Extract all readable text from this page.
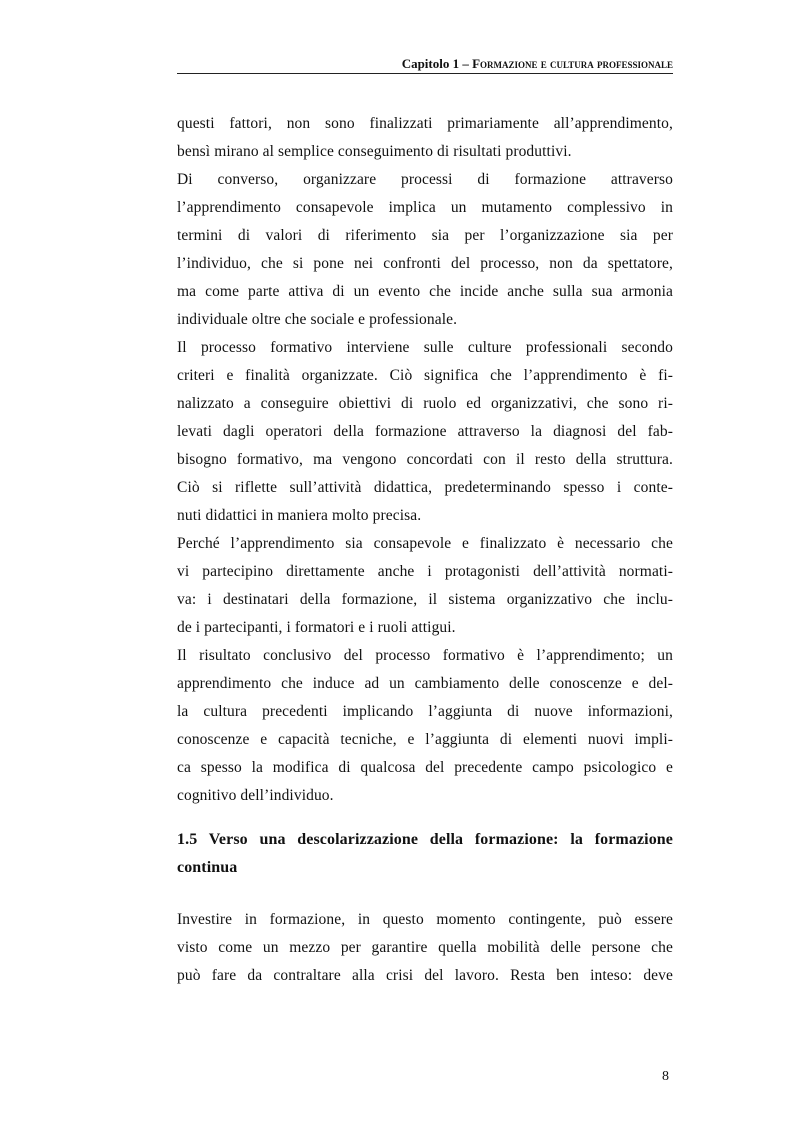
Capitolo 1 – Formazione e cultura professionale
questi fattori, non sono finalizzati primariamente all’apprendimento,
bensì mirano al semplice conseguimento di risultati produttivi.
Di converso, organizzare processi di formazione attraverso
l’apprendimento consapevole implica un mutamento complessivo in
termini di valori di riferimento sia per l’organizzazione sia per
l’individuo, che si pone nei confronti del processo, non da spettatore,
ma come parte attiva di un evento che incide anche sulla sua armonia
individuale oltre che sociale e professionale.
Il processo formativo interviene sulle culture professionali secondo
criteri e finalità organizzate. Ciò significa che l’apprendimento è fi-
nalizzato a conseguire obiettivi di ruolo ed organizzativi, che sono ri-
levati dagli operatori della formazione attraverso la diagnosi del fab-
bisogno formativo, ma vengono concordati con il resto della struttura.
Ciò si riflette sull’attività didattica, predeterminando spesso i conte-
nuti didattici in maniera molto precisa.
Perché l’apprendimento sia consapevole e finalizzato è necessario che
vi partecipino direttamente anche i protagonisti dell’attività normati-
va: i destinatari della formazione, il sistema organizzativo che inclu-
de i partecipanti, i formatori e i ruoli attigui.
Il risultato conclusivo del processo formativo è l’apprendimento; un
apprendimento che induce ad un cambiamento delle conoscenze e del-
la cultura precedenti implicando l’aggiunta di nuove informazioni,
conoscenze e capacità tecniche, e l’aggiunta di elementi nuovi impli-
ca spesso la modifica di qualcosa del precedente campo psicologico e
cognitivo dell’individuo.
1.5 Verso una descolarizzazione della formazione: la formazione
continua
Investire in formazione, in questo momento contingente, può essere
visto come un mezzo per garantire quella mobilità delle persone che
può fare da contraltare alla crisi del lavoro. Resta ben inteso: deve
8
